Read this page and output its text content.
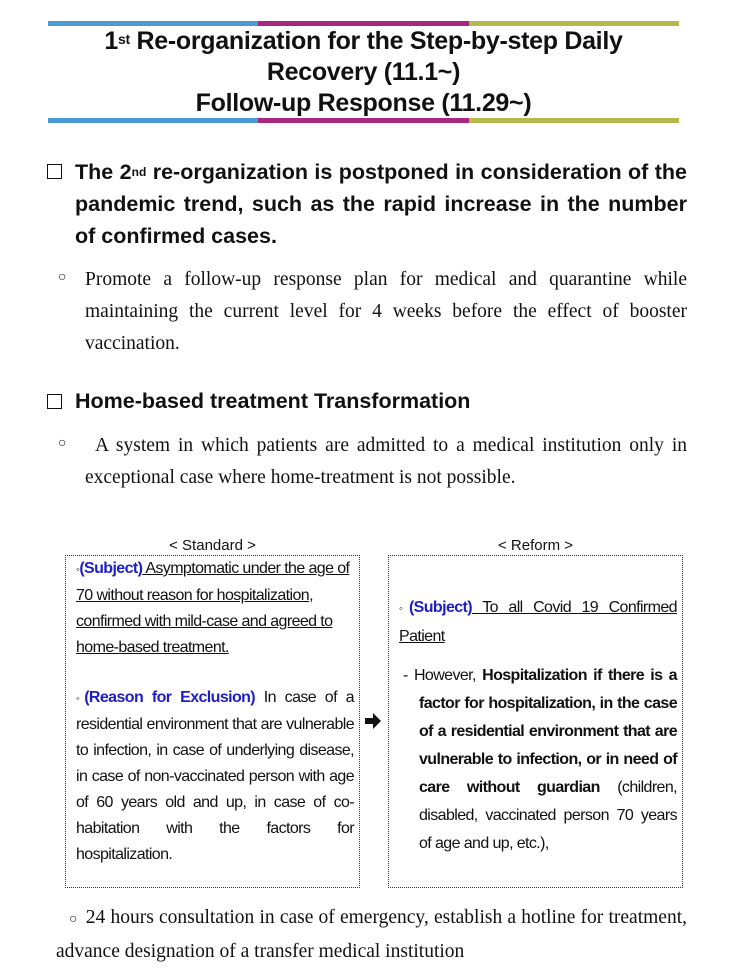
1st Re-organization for the Step-by-step Daily
Recovery (11.1~)
Follow-up Response (11.29~)
The 2nd re-organization is postponed in consideration of the pandemic trend, such as the rapid increase in the number of confirmed cases.
○ Promote a follow-up response plan for medical and quarantine while maintaining the current level for 4 weeks before the effect of booster vaccination.
Home-based treatment Transformation
○	A system in which patients are admitted to a medical institution only in exceptional case where home-treatment is not possible.
< Standard >	< Reform >
◦(Subject) Asymptomatic under the age of 70 without reason for hospitalization, confirmed with mild-case and agreed to home-based treatment.
◦(Reason for Exclusion) In case of a residential environment that are vulnerable to infection, in case of underlying disease, in case of non-vaccinated person with age of 60 years old and up, in case of co-habitation with the factors for hospitalization.
◦(Subject) To all Covid 19 Confirmed Patient
- However, Hospitalization if there is a factor for hospitalization, in the case of a residential environment that are vulnerable to infection, or in need of care without guardian (children, disabled, vaccinated person 70 years of age and up, etc.),
○ 24 hours consultation in case of emergency, establish a hotline for treatment, advance designation of a transfer medical institution
